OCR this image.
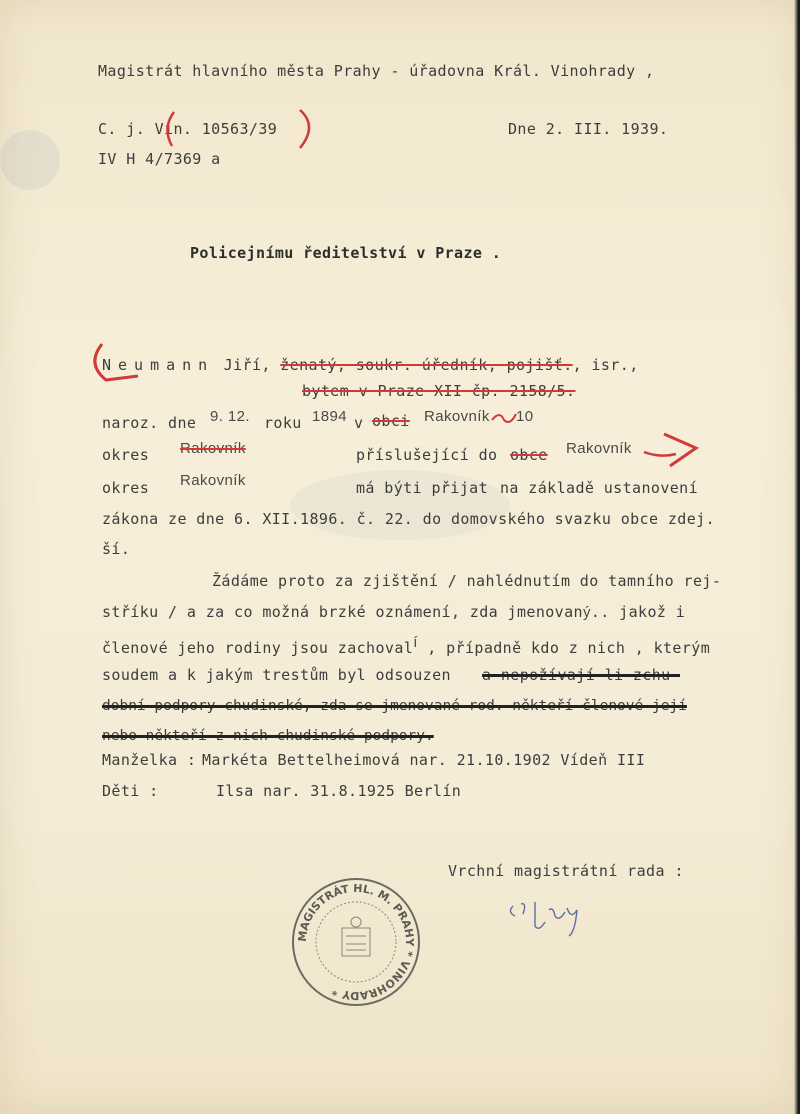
Magistrát hlavního města Prahy - úřadovna Král. Vinohrady ,
C. j. Vin. 10563/39	Dne 2. III. 1939.
IV H 4/7369 a
Policejnímu ředitelství v Praze .
Neumann Jiří, ženatý, soukr. úředník, pojišť., isr.,
bytem v Praze XII čp. 2158/5.
naroz. dne 9. 12. roku 1894 v obci Rakovník 10
okres Rakovník	příslušející do obce Rakovník
okres Rakovník	má býti přijat na základě ustanovení
zákona ze dne 6. XII.1896. č. 22. do domovského svazku obce zdej.
ší.
Žádáme proto za zjištění / nahlédnutím do tamního rej-
stříku / a za co možná brzké oznámení, zda jmenovaný.. jakož i
členové jeho rodiny jsou zachovalí , případně kdo z nich , kterým
soudem a k jakým trestům byl odsouzen a nepožívají-li zchu-
dobní podpory chudinské, zda se jmenované rod. někteří členové její
nebo někteří z nich chudinské podpory.
Manželka : Markéta Bettelheimová nar. 21.10.1902 Vídeň III
Děti :	Ilsa nar. 31.8.1925 Berlín
Vrchní magistrátní rada :
MAGISTRÁT HL. M. PRAHY * VINOHRADY *
